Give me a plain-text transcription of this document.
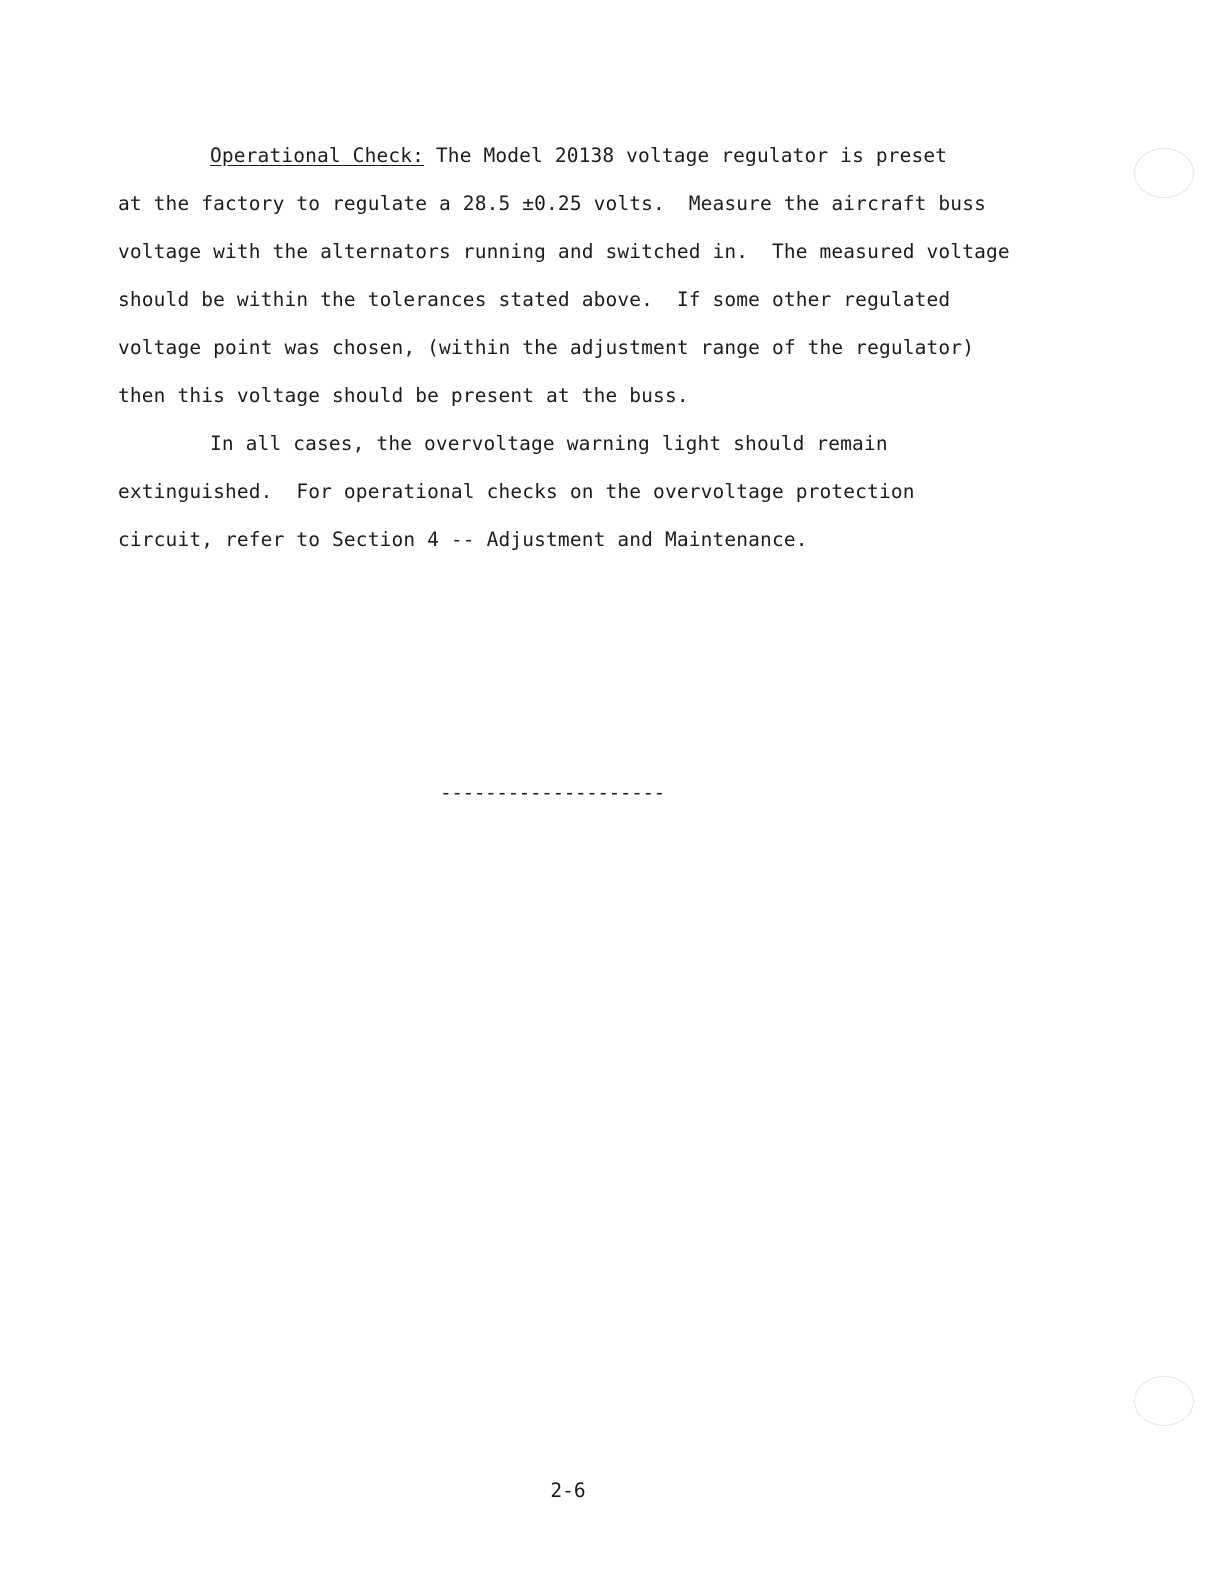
Operational Check: The Model 20138 voltage regulator is preset
at the factory to regulate a 28.5 ±0.25 volts.  Measure the aircraft buss
voltage with the alternators running and switched in.  The measured voltage
should be within the tolerances stated above.  If some other regulated
voltage point was chosen, (within the adjustment range of the regulator)
then this voltage should be present at the buss.
In all cases, the overvoltage warning light should remain
extinguished.  For operational checks on the overvoltage protection
circuit, refer to Section 4 -- Adjustment and Maintenance.
--------------------
2-6
